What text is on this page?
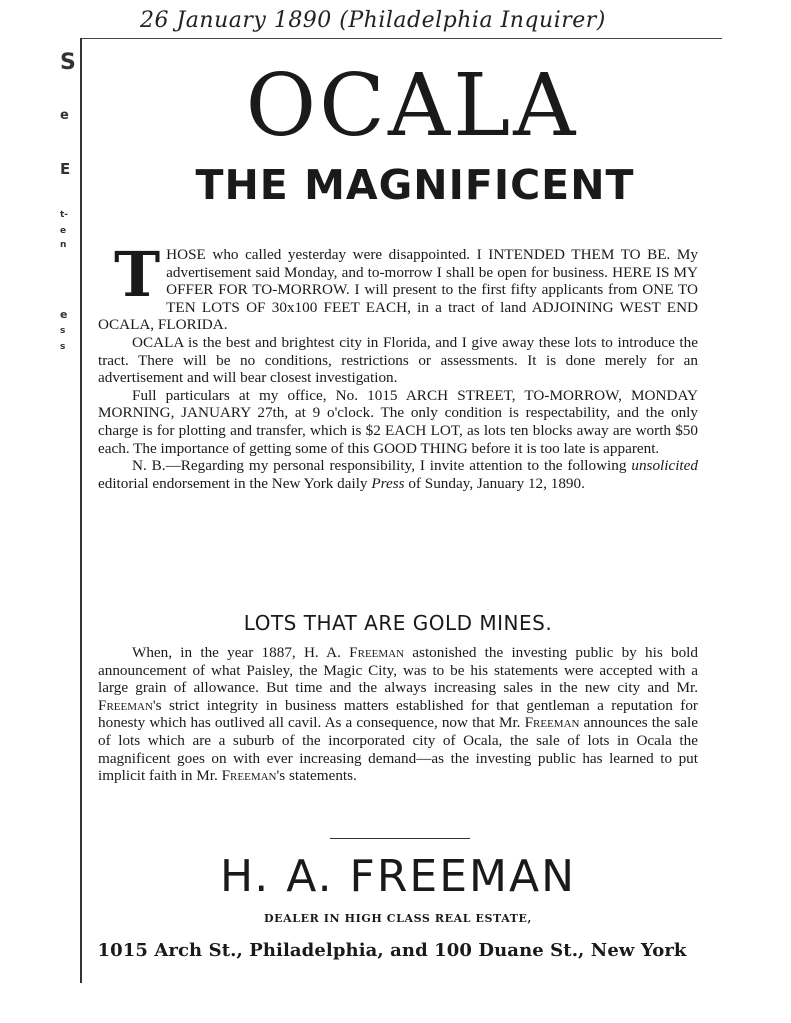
26 January 1890 (Philadelphia Inquirer)
S
e
E
t-
e
n
e
s
s
OCALA
THE MAGNIFICENT
T HOSE who called yesterday were disappointed. I INTENDED THEM TO BE. My advertisement said Monday, and to-morrow I shall be open for business. HERE IS MY OFFER FOR TO-MORROW. I will present to the first fifty applicants from ONE TO TEN LOTS OF 30x100 FEET EACH, in a tract of land ADJOINING WEST END OCALA, FLORIDA.

OCALA is the best and brightest city in Florida, and I give away these lots to introduce the tract. There will be no conditions, restrictions or assessments. It is done merely for an advertisement and will bear closest investigation.

Full particulars at my office, No. 1015 ARCH STREET, TO-MORROW, MONDAY MORNING, JANUARY 27th, at 9 o'clock. The only condition is respectability, and the only charge is for plotting and transfer, which is $2 EACH LOT, as lots ten blocks away are worth $50 each. The importance of getting some of this GOOD THING before it is too late is apparent.

N. B.—Regarding my personal responsibility, I invite attention to the following unsolicited editorial endorsement in the New York daily Press of Sunday, January 12, 1890.

LOTS THAT ARE GOLD MINES.

When, in the year 1887, H. A. Freeman astonished the investing public by his bold announcement of what Paisley, the Magic City, was to be his statements were accepted with a large grain of allowance. But time and the always increasing sales in the new city and Mr. Freeman's strict integrity in business matters established for that gentleman a reputation for honesty which has outlived all cavil. As a consequence, now that Mr. Freeman announces the sale of lots which are a suburb of the incorporated city of Ocala, the sale of lots in Ocala the magnificent goes on with ever increasing demand—as the investing public has learned to put implicit faith in Mr. Freeman's statements.

H. A. FREEMAN
DEALER IN HIGH CLASS REAL ESTATE,
1015 Arch St., Philadelphia, and 100 Duane St., New York
